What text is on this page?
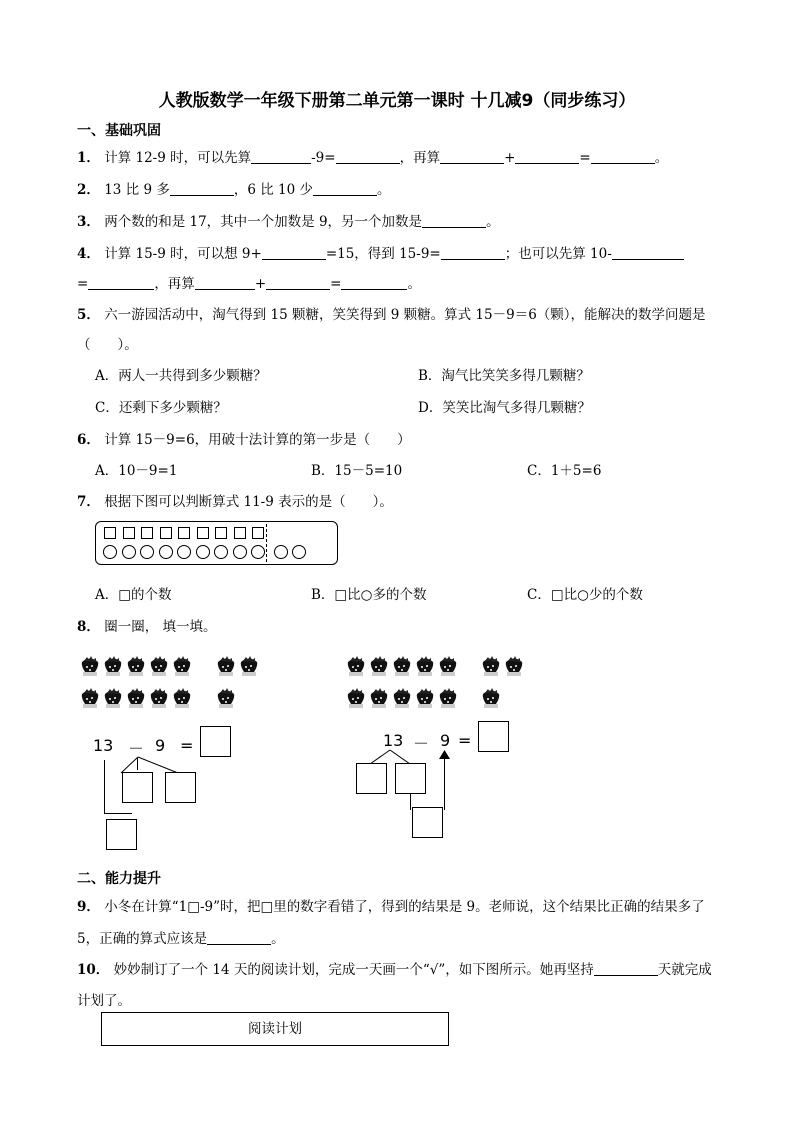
人教版数学一年级下册第二单元第一课时 十几减9（同步练习）
一、基础巩固
1． 计算 12-9 时，可以先算	-9=	，再算	+	=	。
2． 13 比 9 多	，6 比 10 少	。
3． 两个数的和是 17，其中一个加数是 9，另一个加数是	。
4． 计算 15-9 时，可以想 9+	=15，得到 15-9=	；也可以先算 10-
=	，再算	+	=	。
5． 六一游园活动中，淘气得到 15 颗糖，笑笑得到 9 颗糖。算式 15－9＝6（颗），能解决的数学问题是
（　　）。
A．两人一共得到多少颗糖？	B．淘气比笑笑多得几颗糖？
C．还剩下多少颗糖？	D．笑笑比淘气多得几颗糖？
6． 计算 15－9=6，用破十法计算的第一步是（　　）
A．10－9=1	B．15－5=10	C．1＋5=6
7． 根据下图可以判断算式 11-9 表示的是（　　）。
A．□的个数	B．□比○多的个数	C．□比○少的个数
8． 圈一圈， 填一填。
13 － 9 =	13 － 9 =
二、能力提升
9． 小冬在计算“1□-9”时，把□里的数字看错了，得到的结果是 9。老师说，这个结果比正确的结果多了
5，正确的算式应该是	。
10． 妙妙制订了一个 14 天的阅读计划，完成一天画一个“√”，如下图所示。她再坚持	天就完成
计划了。
阅读计划
